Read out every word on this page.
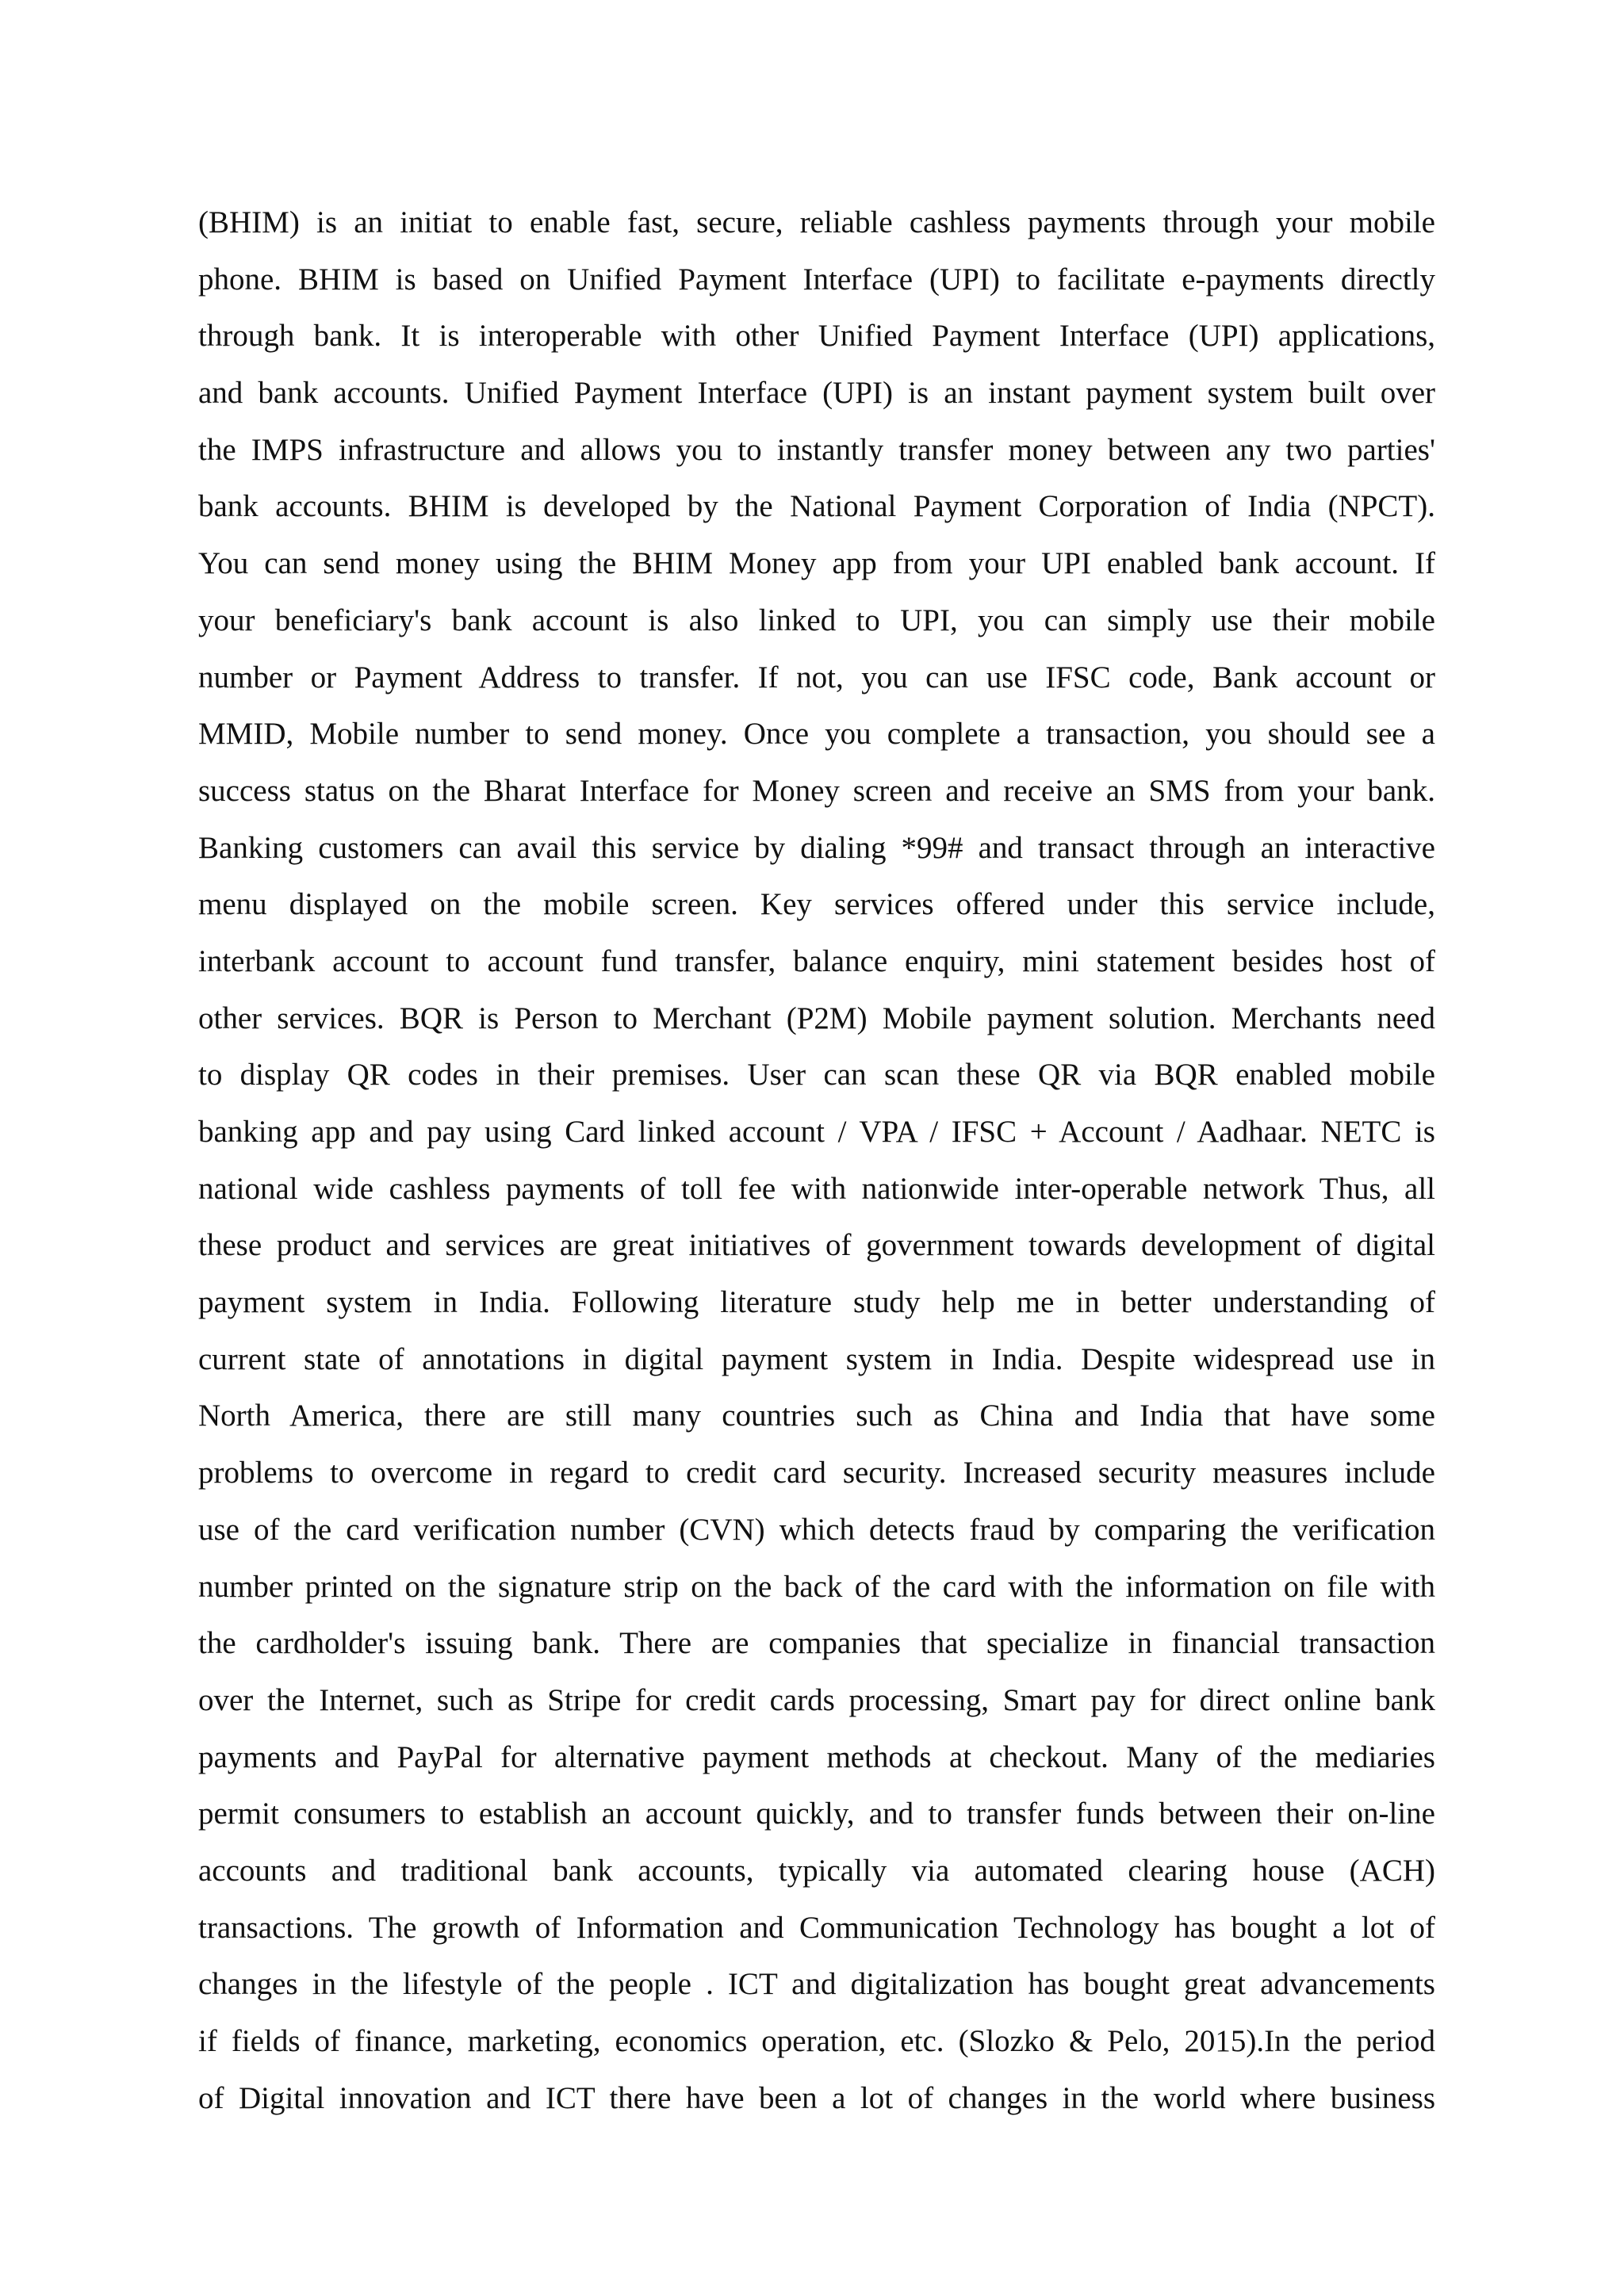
(BHIM) is an initiat to enable fast, secure, reliable cashless payments through your mobile
phone. BHIM is based on Unified Payment Interface (UPI) to facilitate e-payments directly
through bank. It is interoperable with other Unified Payment Interface (UPI) applications,
and bank accounts. Unified Payment Interface (UPI) is an instant payment system built over
the IMPS infrastructure and allows you to instantly transfer money between any two parties'
bank accounts. BHIM is developed by the National Payment Corporation of India (NPCT).
You can send money using the BHIM Money app from your UPI enabled bank account. If
your beneficiary's bank account is also linked to UPI, you can simply use their mobile
number or Payment Address to transfer. If not, you can use IFSC code, Bank account or
MMID, Mobile number to send money. Once you complete a transaction, you should see a
success status on the Bharat Interface for Money screen and receive an SMS from your bank.
Banking customers can avail this service by dialing *99# and transact through an interactive
menu displayed on the mobile screen. Key services offered under this service include,
interbank account to account fund transfer, balance enquiry, mini statement besides host of
other services. BQR is Person to Merchant (P2M) Mobile payment solution. Merchants need
to display QR codes in their premises. User can scan these QR via BQR enabled mobile
banking app and pay using Card linked account / VPA / IFSC + Account / Aadhaar. NETC is
national wide cashless payments of toll fee with nationwide inter-operable network Thus, all
these product and services are great initiatives of government towards development of digital
payment system in India. Following literature study help me in better understanding of
current state of annotations in digital payment system in India. Despite widespread use in
North America, there are still many countries such as China and India that have some
problems to overcome in regard to credit card security. Increased security measures include
use of the card verification number (CVN) which detects fraud by comparing the verification
number printed on the signature strip on the back of the card with the information on file with
the cardholder's issuing bank. There are companies that specialize in financial transaction
over the Internet, such as Stripe for credit cards processing, Smart pay for direct online bank
payments and PayPal for alternative payment methods at checkout. Many of the mediaries
permit consumers to establish an account quickly, and to transfer funds between their on-line
accounts and traditional bank accounts, typically via automated clearing house (ACH)
transactions. The growth of Information and Communication Technology has bought a lot of
changes in the lifestyle of the people . ICT and digitalization has bought great advancements
if fields of finance, marketing, economics operation, etc. (Slozko & Pelo, 2015).In the period
of Digital innovation and ICT there have been a lot of changes in the world where business
